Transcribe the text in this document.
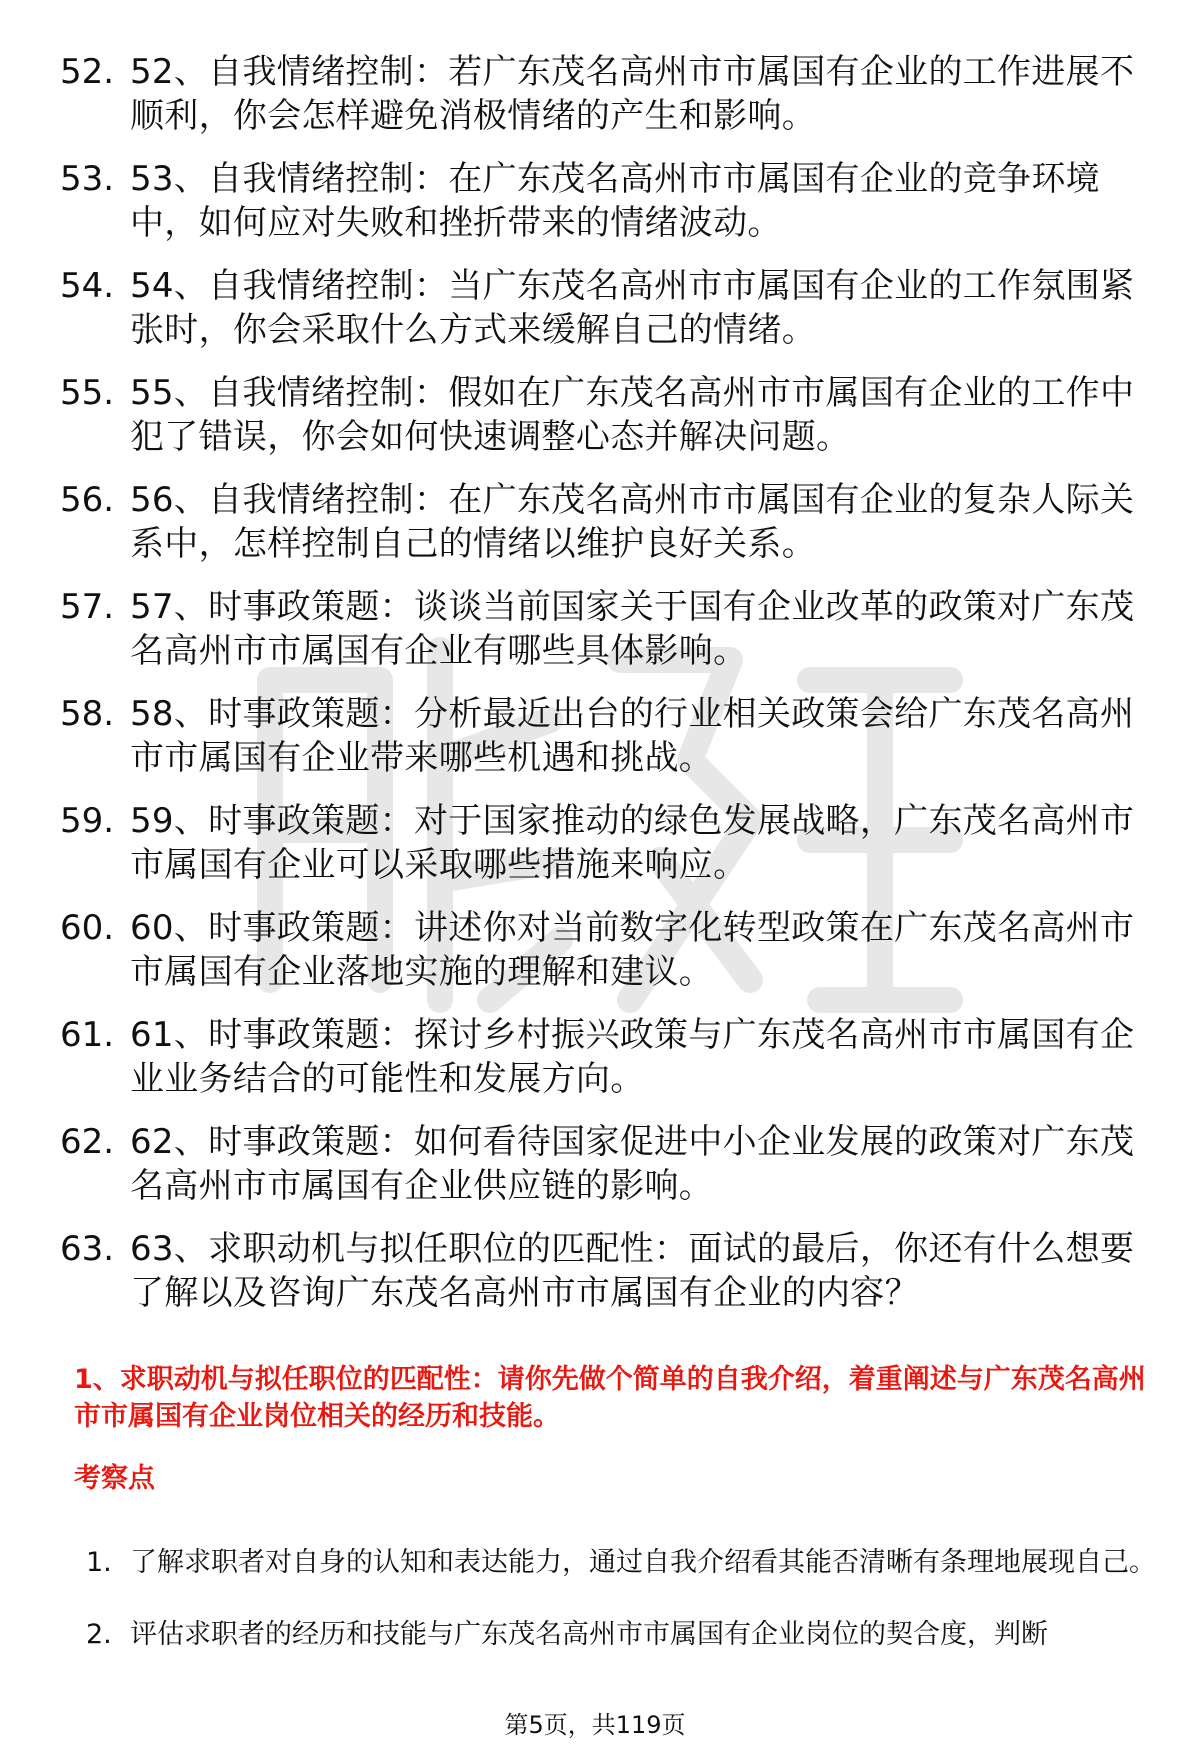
52. 52、自我情绪控制：若广东茂名高州市市属国有企业的工作进展不顺利，你会怎样避免消极情绪的产生和影响。
53. 53、自我情绪控制：在广东茂名高州市市属国有企业的竞争环境中，如何应对失败和挫折带来的情绪波动。
54. 54、自我情绪控制：当广东茂名高州市市属国有企业的工作氛围紧张时，你会采取什么方式来缓解自己的情绪。
55. 55、自我情绪控制：假如在广东茂名高州市市属国有企业的工作中犯了错误，你会如何快速调整心态并解决问题。
56. 56、自我情绪控制：在广东茂名高州市市属国有企业的复杂人际关系中，怎样控制自己的情绪以维护良好关系。
57. 57、时事政策题：谈谈当前国家关于国有企业改革的政策对广东茂名高州市市属国有企业有哪些具体影响。
58. 58、时事政策题：分析最近出台的行业相关政策会给广东茂名高州市市属国有企业带来哪些机遇和挑战。
59. 59、时事政策题：对于国家推动的绿色发展战略，广东茂名高州市市属国有企业可以采取哪些措施来响应。
60. 60、时事政策题：讲述你对当前数字化转型政策在广东茂名高州市市属国有企业落地实施的理解和建议。
61. 61、时事政策题：探讨乡村振兴政策与广东茂名高州市市属国有企业业务结合的可能性和发展方向。
62. 62、时事政策题：如何看待国家促进中小企业发展的政策对广东茂名高州市市属国有企业供应链的影响。
63. 63、求职动机与拟任职位的匹配性：面试的最后，你还有什么想要了解以及咨询广东茂名高州市市属国有企业的内容？
1、求职动机与拟任职位的匹配性：请你先做个简单的自我介绍，着重阐述与广东茂名高州市市属国有企业岗位相关的经历和技能。
考察点
1. 了解求职者对自身的认知和表达能力，通过自我介绍看其能否清晰有条理地展现自己。
2. 评估求职者的经历和技能与广东茂名高州市市属国有企业岗位的契合度，判断
第5页，共119页
